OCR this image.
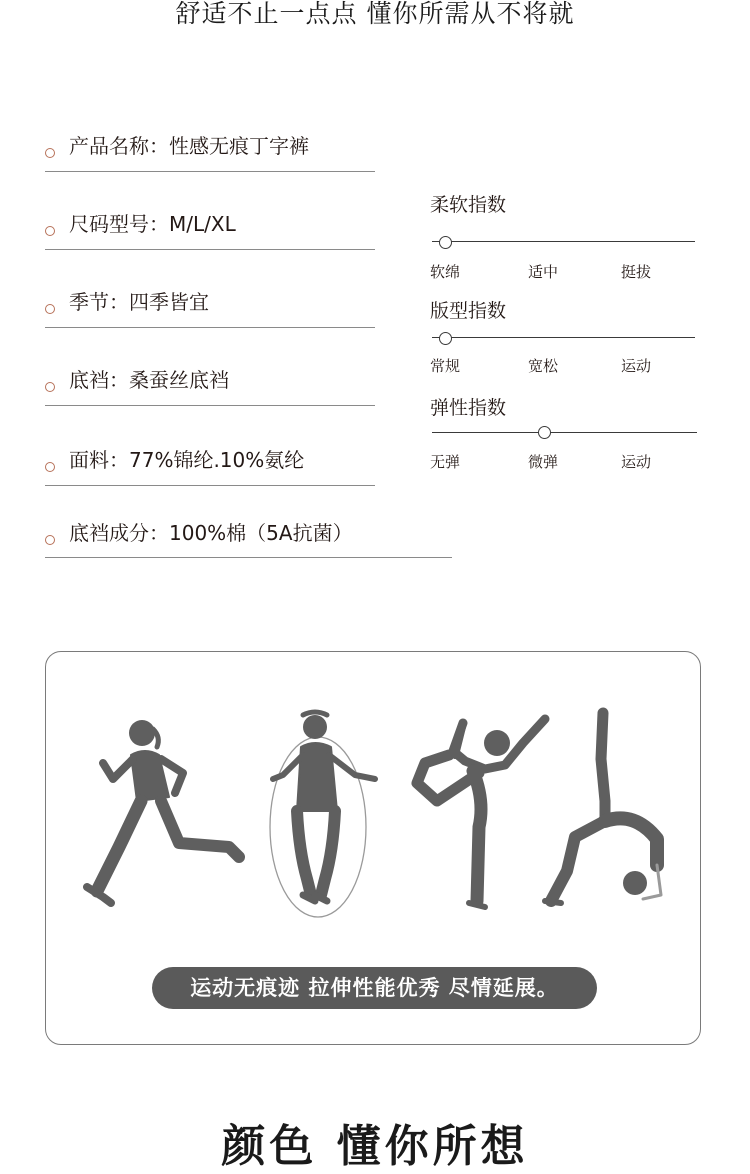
舒适不止一点点 懂你所需从不将就
产品名称：性感无痕丁字裤
尺码型号：M/L/XL
季节：四季皆宜
底裆：桑蚕丝底裆
面料：77%锦纶.10%氨纶
底裆成分：100%棉（5A抗菌）
柔软指数
软绵	适中	挺拔
版型指数
常规	宽松	运动
弹性指数
无弹	微弹	运动
运动无痕迹 拉伸性能优秀 尽情延展。
颜色 懂你所想
